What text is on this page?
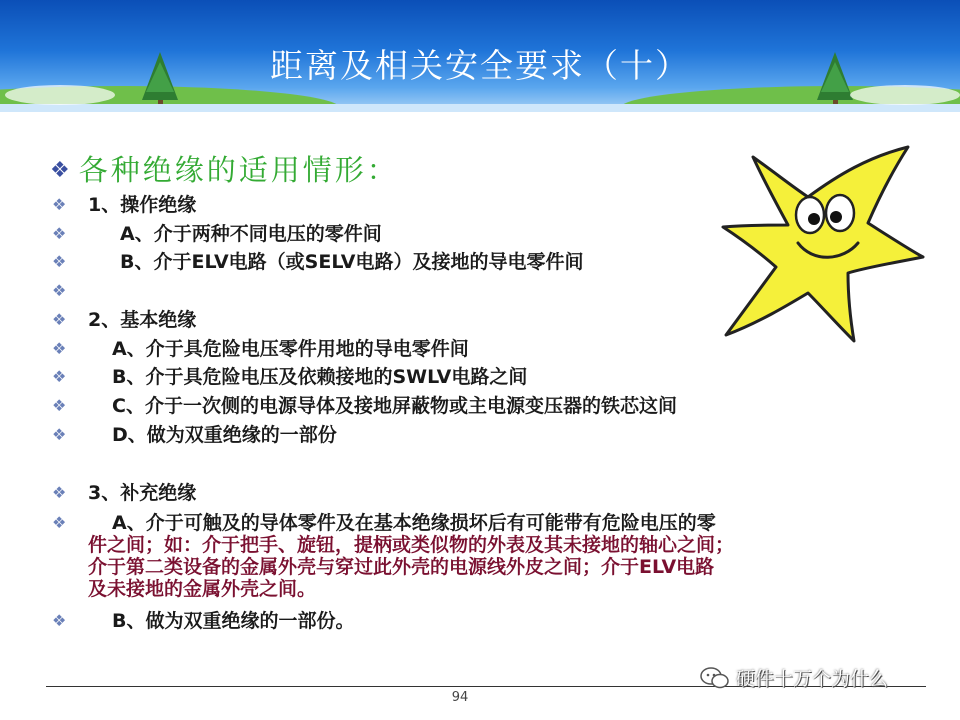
距离及相关安全要求（十）
❖ 各种绝缘的适用情形：
❖ 1、操作绝缘
❖	A、介于两种不同电压的零件间
❖	B、介于ELV电路（或SELV电路）及接地的导电零件间
❖
❖ 2、基本绝缘
❖ A、介于具危险电压零件用地的导电零件间
❖ B、介于具危险电压及依赖接地的SWLV电路之间
❖ C、介于一次侧的电源导体及接地屏蔽物或主电源变压器的铁芯这间
❖ D、做为双重绝缘的一部份
❖ 3、补充绝缘
❖ A、介于可触及的导体零件及在基本绝缘损坏后有可能带有危险电压的零
件之间；如：介于把手、旋钮，提柄或类似物的外表及其未接地的轴心之间；
介于第二类设备的金属外壳与穿过此外壳的电源线外皮之间；介于ELV电路
及未接地的金属外壳之间。
❖ B、做为双重绝缘的一部份。
94
硬件十万个为什么
